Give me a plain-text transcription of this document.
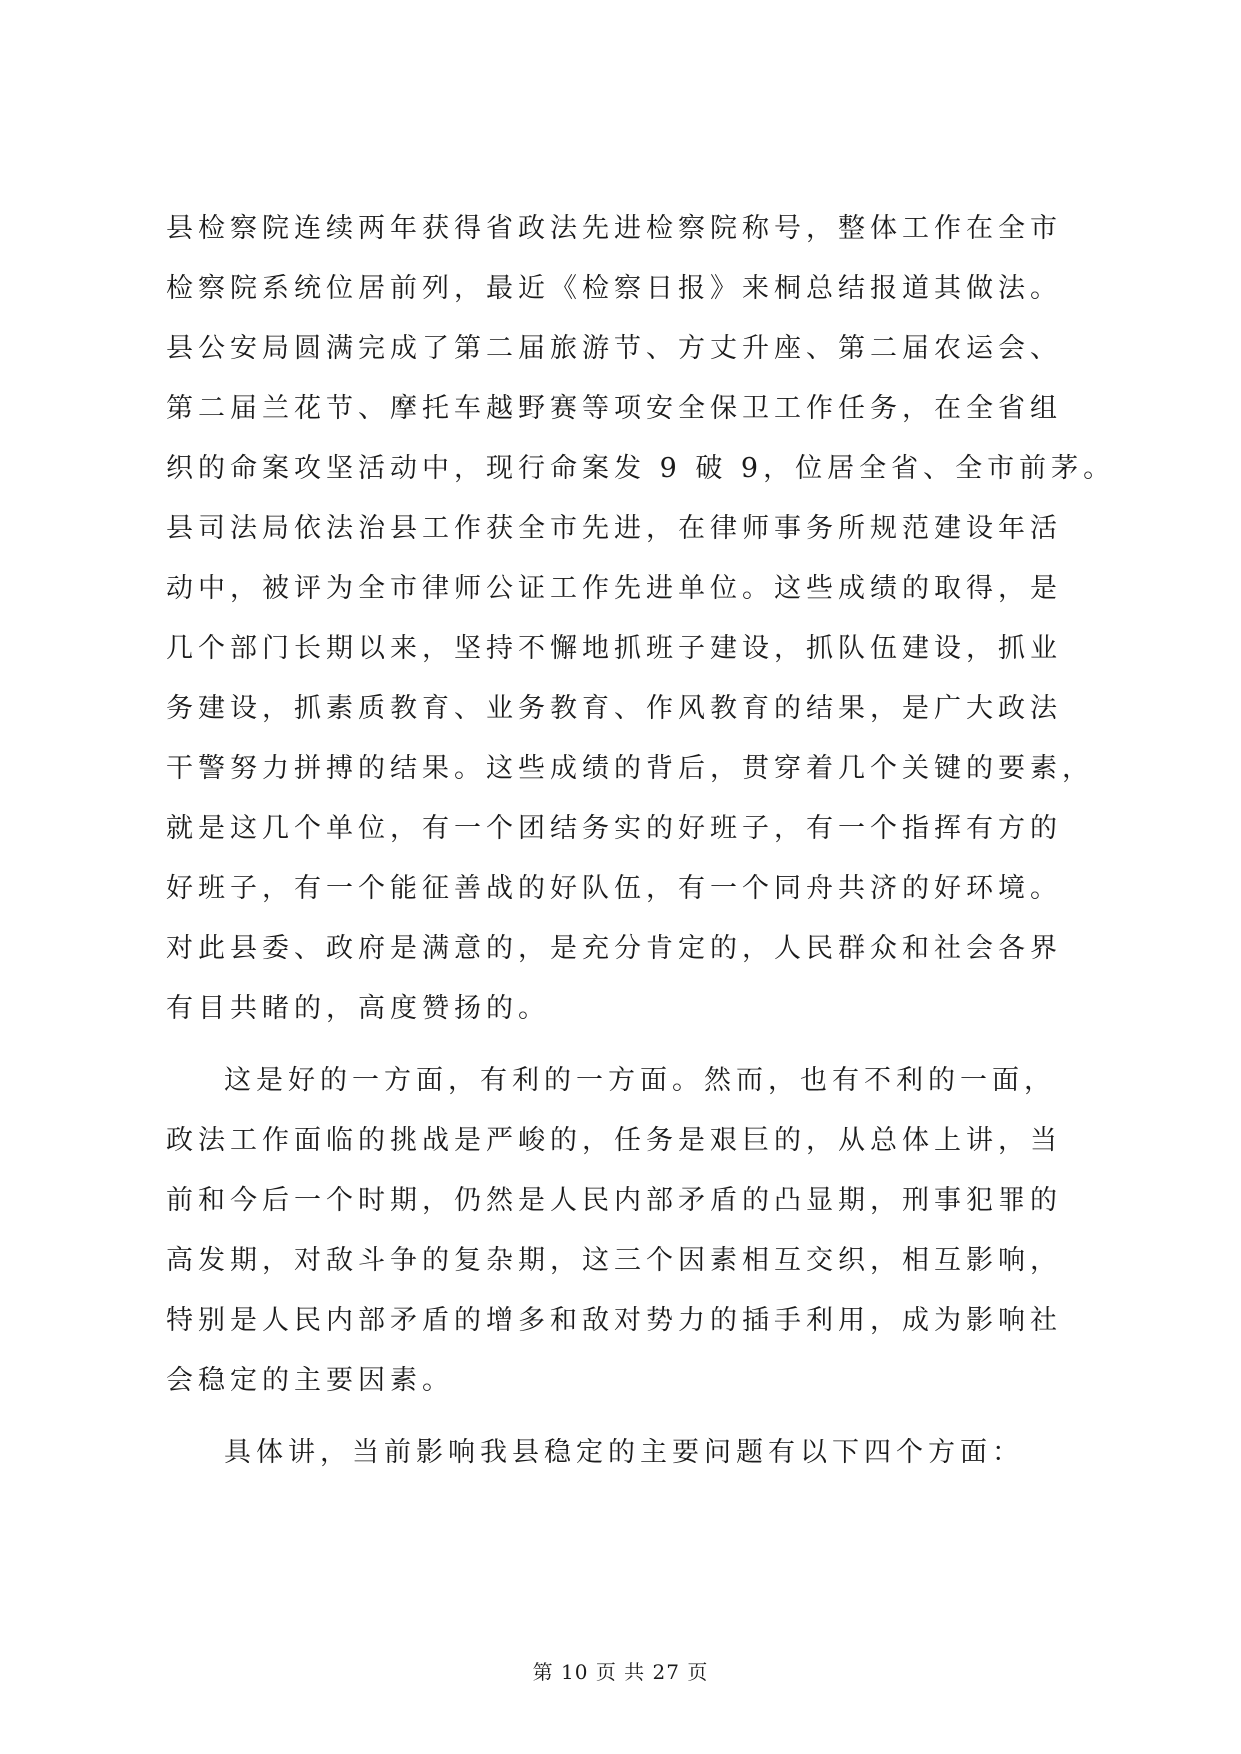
县检察院连续两年获得省政法先进检察院称号，整体工作在全市
检察院系统位居前列，最近《检察日报》来桐总结报道其做法。
县公安局圆满完成了第二届旅游节、方丈升座、第二届农运会、
第二届兰花节、摩托车越野赛等项安全保卫工作任务，在全省组
织的命案攻坚活动中，现行命案发 9 破 9，位居全省、全市前茅。
县司法局依法治县工作获全市先进，在律师事务所规范建设年活
动中，被评为全市律师公证工作先进单位。这些成绩的取得，是
几个部门长期以来，坚持不懈地抓班子建设，抓队伍建设，抓业
务建设，抓素质教育、业务教育、作风教育的结果，是广大政法
干警努力拼搏的结果。这些成绩的背后，贯穿着几个关键的要素，
就是这几个单位，有一个团结务实的好班子，有一个指挥有方的
好班子，有一个能征善战的好队伍，有一个同舟共济的好环境。
对此县委、政府是满意的，是充分肯定的，人民群众和社会各界
有目共睹的，高度赞扬的。
这是好的一方面，有利的一方面。然而，也有不利的一面，
政法工作面临的挑战是严峻的，任务是艰巨的，从总体上讲，当
前和今后一个时期，仍然是人民内部矛盾的凸显期，刑事犯罪的
高发期，对敌斗争的复杂期，这三个因素相互交织，相互影响，
特别是人民内部矛盾的增多和敌对势力的插手利用，成为影响社
会稳定的主要因素。
具体讲，当前影响我县稳定的主要问题有以下四个方面：
第 10 页 共 27 页
